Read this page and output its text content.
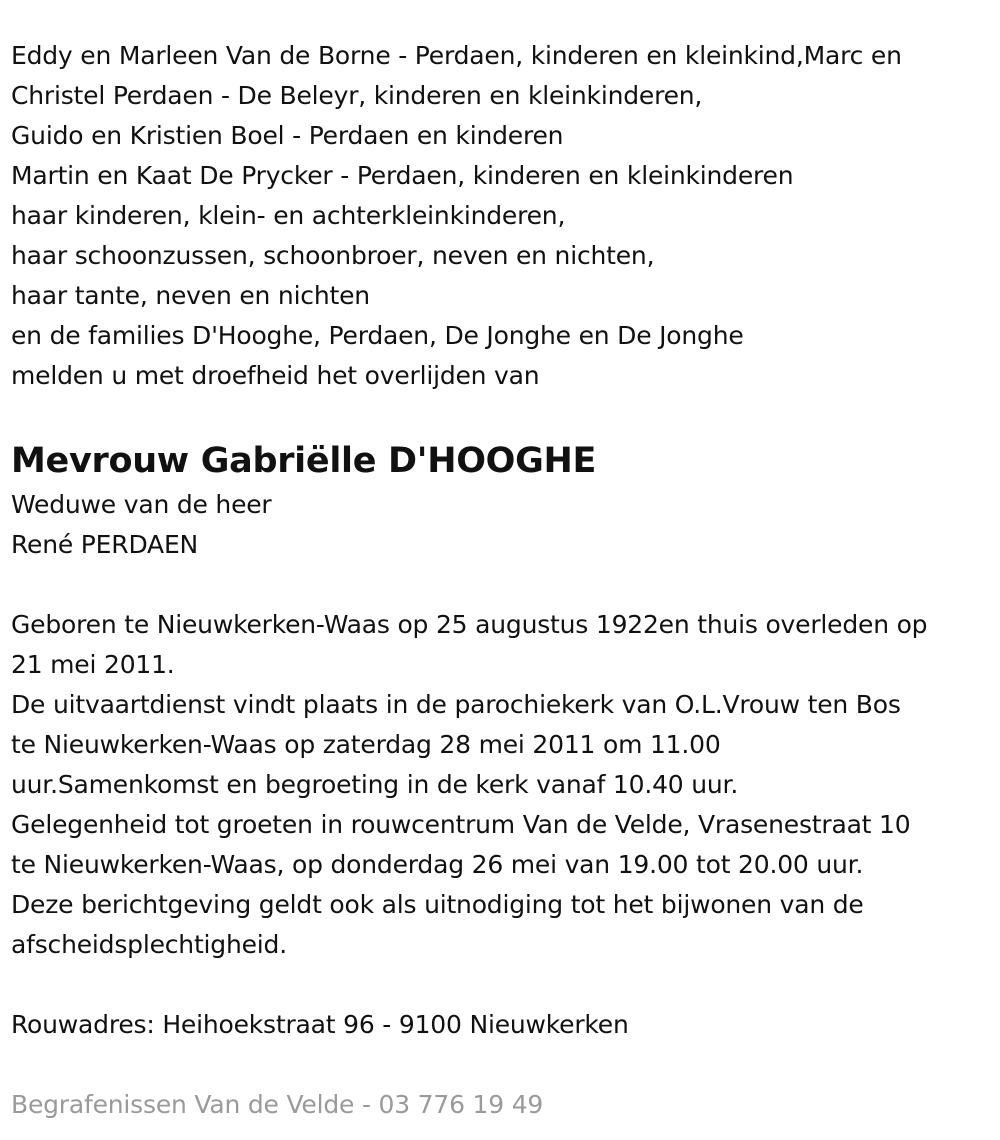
Eddy en Marleen Van de Borne - Perdaen, kinderen en kleinkind,Marc en
Christel Perdaen - De Beleyr, kinderen en kleinkinderen,
Guido en Kristien Boel - Perdaen en kinderen
Martin en Kaat De Prycker - Perdaen, kinderen en kleinkinderen
haar kinderen, klein- en achterkleinkinderen,
haar schoonzussen, schoonbroer, neven en nichten,
haar tante, neven en nichten
en de families D'Hooghe, Perdaen, De Jonghe en De Jonghe
melden u met droefheid het overlijden van
Mevrouw Gabriëlle D'HOOGHE
Weduwe van de heer
René PERDAEN
Geboren te Nieuwkerken-Waas op 25 augustus 1922en thuis overleden op
21 mei 2011.
De uitvaartdienst vindt plaats in de parochiekerk van O.L.Vrouw ten Bos
te Nieuwkerken-Waas op zaterdag 28 mei 2011 om 11.00
uur.Samenkomst en begroeting in de kerk vanaf 10.40 uur.
Gelegenheid tot groeten in rouwcentrum Van de Velde, Vrasenestraat 10
te Nieuwkerken-Waas, op donderdag 26 mei van 19.00 tot 20.00 uur.
Deze berichtgeving geldt ook als uitnodiging tot het bijwonen van de
afscheidsplechtigheid.
Rouwadres: Heihoekstraat 96 - 9100 Nieuwkerken
Begrafenissen Van de Velde - 03 776 19 49
